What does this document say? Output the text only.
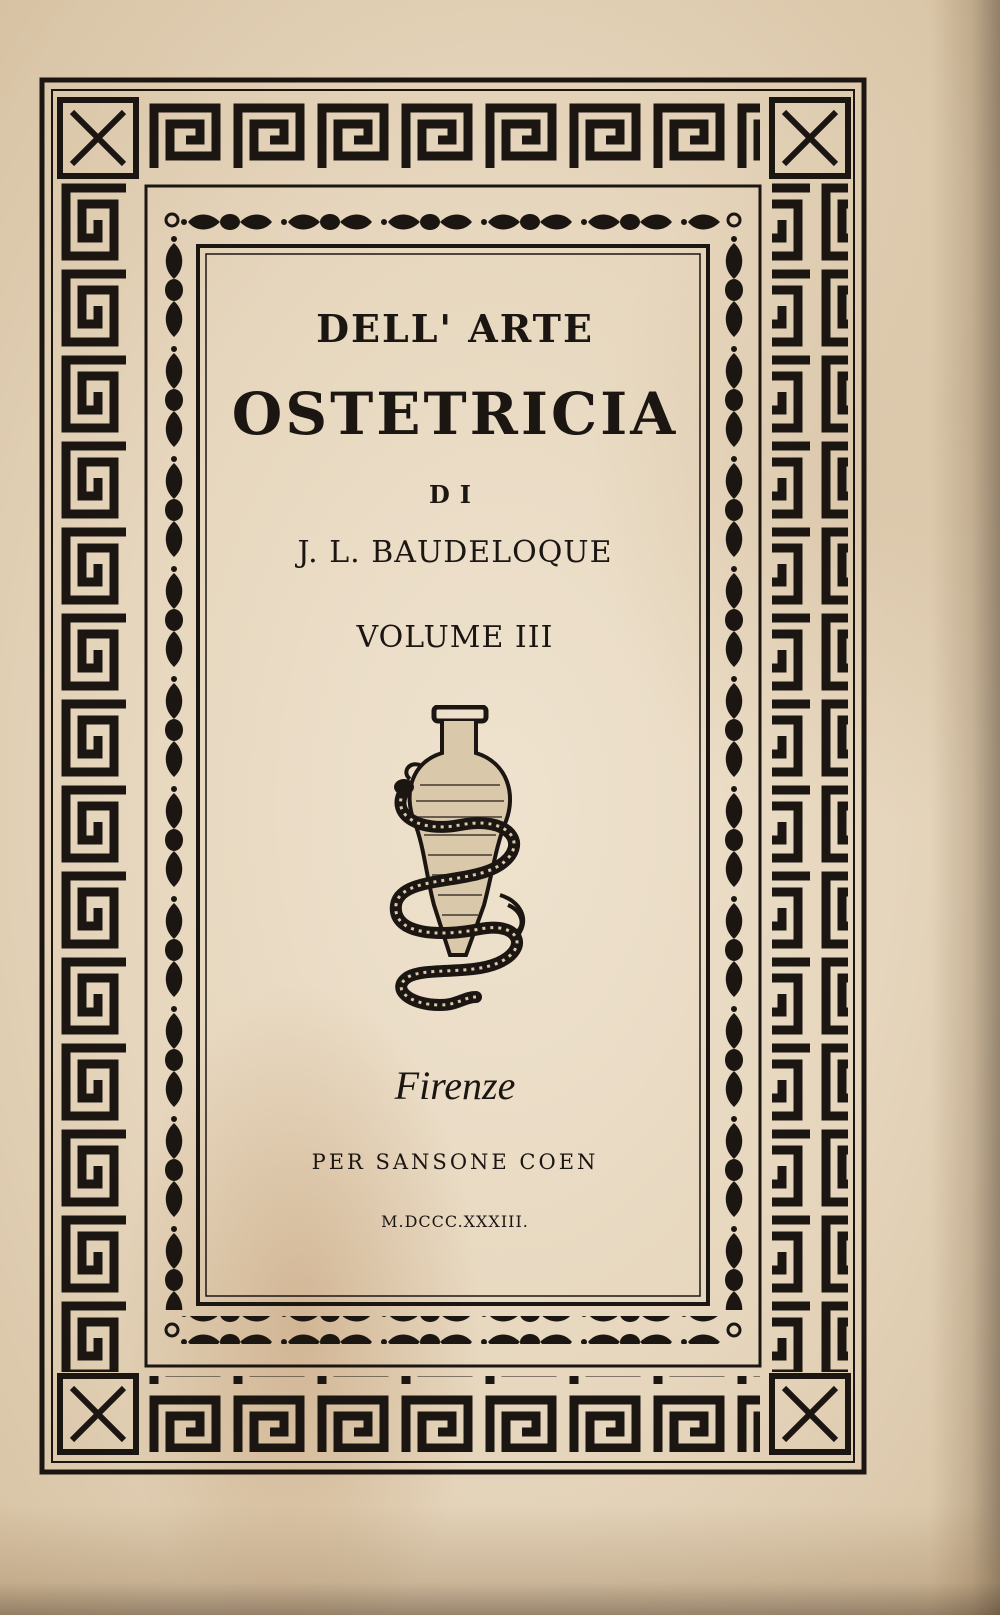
DELL' ARTE
OSTETRICIA
DI
J. L. BAUDELOQUE
VOLUME III
Firenze
PER SANSONE COEN
M.DCCC.XXXIII.
